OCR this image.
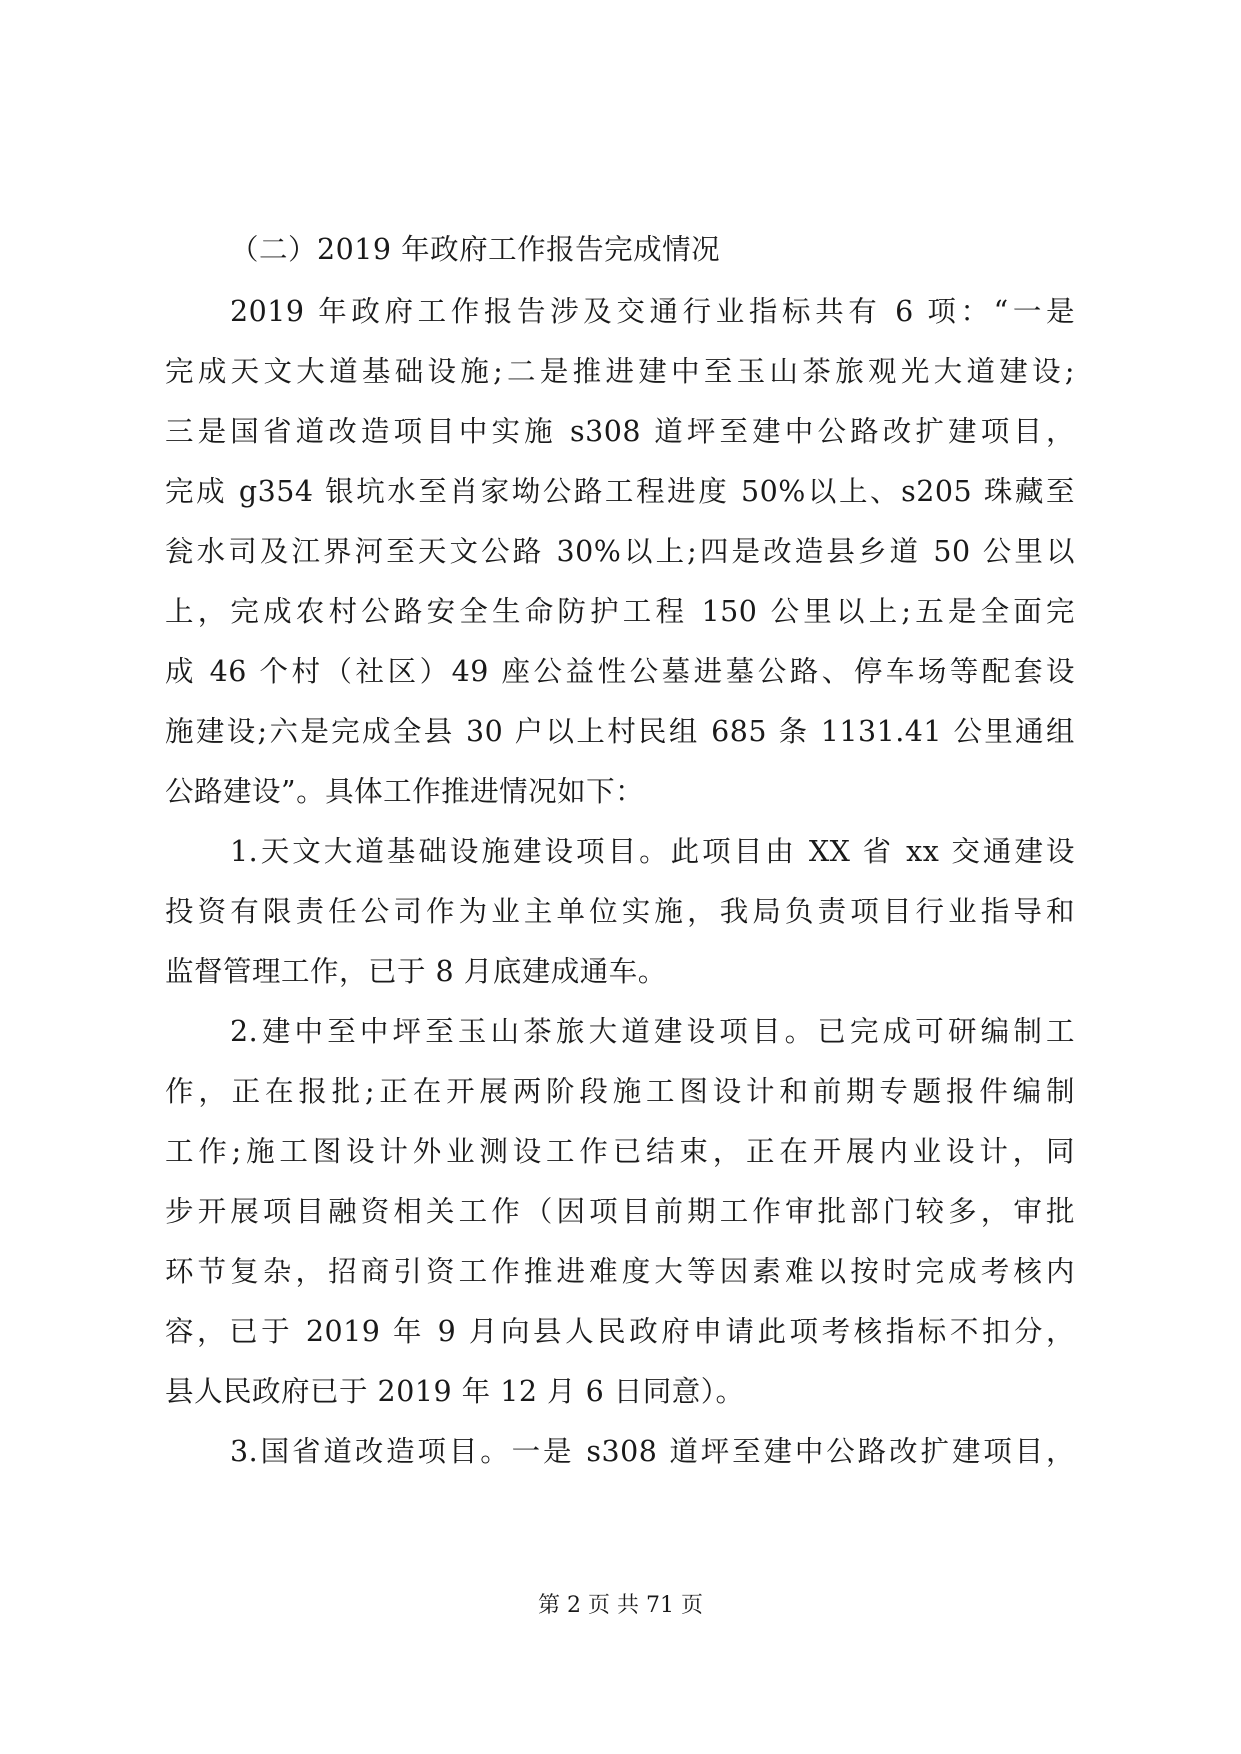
（二）2019 年政府工作报告完成情况
2019 年政府工作报告涉及交通行业指标共有 6 项：“一是
完成天文大道基础设施;二是推进建中至玉山茶旅观光大道建设;
三是国省道改造项目中实施 s308 道坪至建中公路改扩建项目，
完成 g354 银坑水至肖家坳公路工程进度 50%以上、s205 珠藏至
瓮水司及江界河至天文公路 30%以上;四是改造县乡道 50 公里以
上，完成农村公路安全生命防护工程 150 公里以上;五是全面完
成 46 个村（社区）49 座公益性公墓进墓公路、停车场等配套设
施建设;六是完成全县 30 户以上村民组 685 条 1131.41 公里通组
公路建设”。具体工作推进情况如下：
1.天文大道基础设施建设项目。此项目由 XX 省 xx 交通建设
投资有限责任公司作为业主单位实施，我局负责项目行业指导和
监督管理工作，已于 8 月底建成通车。
2.建中至中坪至玉山茶旅大道建设项目。已完成可研编制工
作，正在报批;正在开展两阶段施工图设计和前期专题报件编制
工作;施工图设计外业测设工作已结束，正在开展内业设计，同
步开展项目融资相关工作（因项目前期工作审批部门较多，审批
环节复杂，招商引资工作推进难度大等因素难以按时完成考核内
容，已于 2019 年 9 月向县人民政府申请此项考核指标不扣分，
县人民政府已于 2019 年 12 月 6 日同意）。
3.国省道改造项目。一是 s308 道坪至建中公路改扩建项目，
第 2 页 共 71 页
